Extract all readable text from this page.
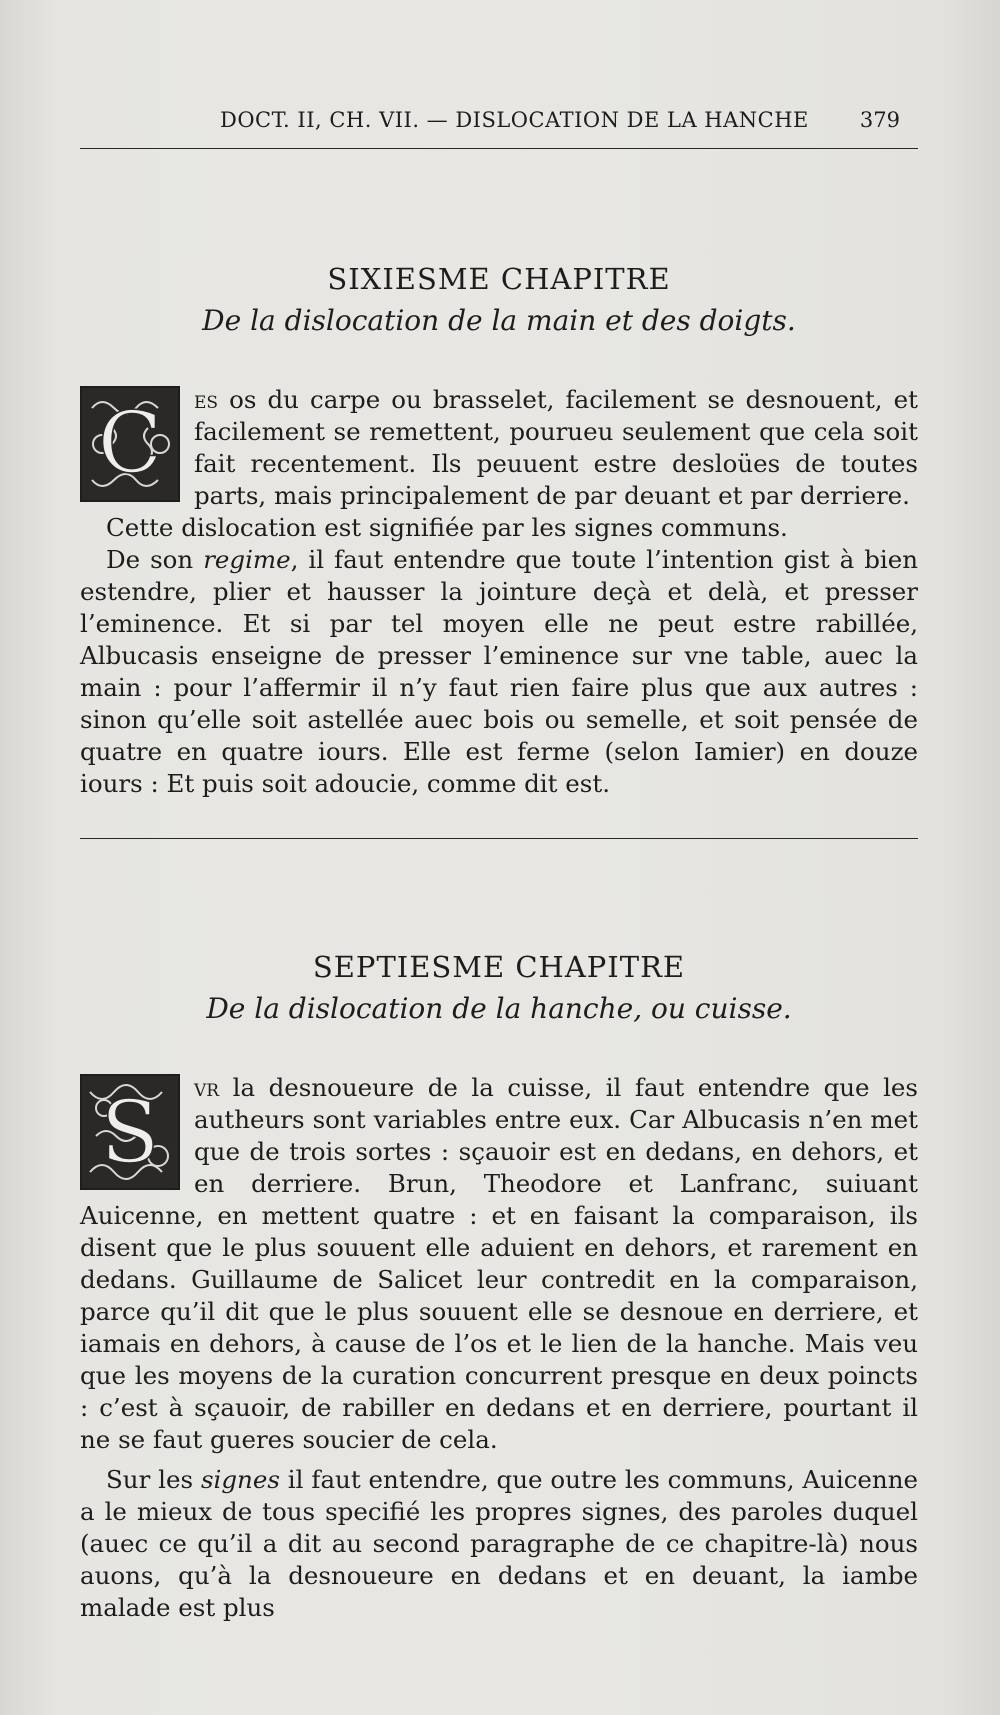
DOCT. II, CH. VII. — DISLOCATION DE LA HANCHE 379
SIXIESME CHAPITRE
De la dislocation de la main et des doigts.

C es os du carpe ou brasselet, facilement se desnouent, et facilement se remettent, pourueu seulement que cela soit fait recentement. Ils peuuent estre desloües de toutes parts, mais principalement de par deuant et par derriere.

Cette dislocation est signifiée par les signes communs.

De son regime, il faut entendre que toute l’intention gist à bien estendre, plier et hausser la jointure deçà et delà, et presser l’eminence. Et si par tel moyen elle ne peut estre rabillée, Albucasis enseigne de presser l’eminence sur vne table, auec la main : pour l’affermir il n’y faut rien faire plus que aux autres : sinon qu’elle soit astellée auec bois ou semelle, et soit pensée de quatre en quatre iours. Elle est ferme (selon Iamier) en douze iours : Et puis soit adoucie, comme dit est.

SEPTIESME CHAPITRE
De la dislocation de la hanche, ou cuisse.

S vr la desnoueure de la cuisse, il faut entendre que les autheurs sont variables entre eux. Car Albucasis n’en met que de trois sortes : sçauoir est en dedans, en dehors, et en derriere. Brun, Theodore et Lanfranc, suiuant Auicenne, en mettent quatre : et en faisant la comparaison, ils disent que le plus souuent elle aduient en dehors, et rarement en dedans. Guillaume de Salicet leur contredit en la comparaison, parce qu’il dit que le plus souuent elle se desnoue en derriere, et iamais en dehors, à cause de l’os et le lien de la hanche. Mais veu que les moyens de la curation concurrent presque en deux poincts : c’est à sçauoir, de rabiller en dedans et en derriere, pourtant il ne se faut gueres soucier de cela.

Sur les signes il faut entendre, que outre les communs, Auicenne a le mieux de tous specifié les propres signes, des paroles duquel (auec ce qu’il a dit au second paragraphe de ce chapitre-là) nous auons, qu’à la desnoueure en dedans et en deuant, la iambe malade est plus
